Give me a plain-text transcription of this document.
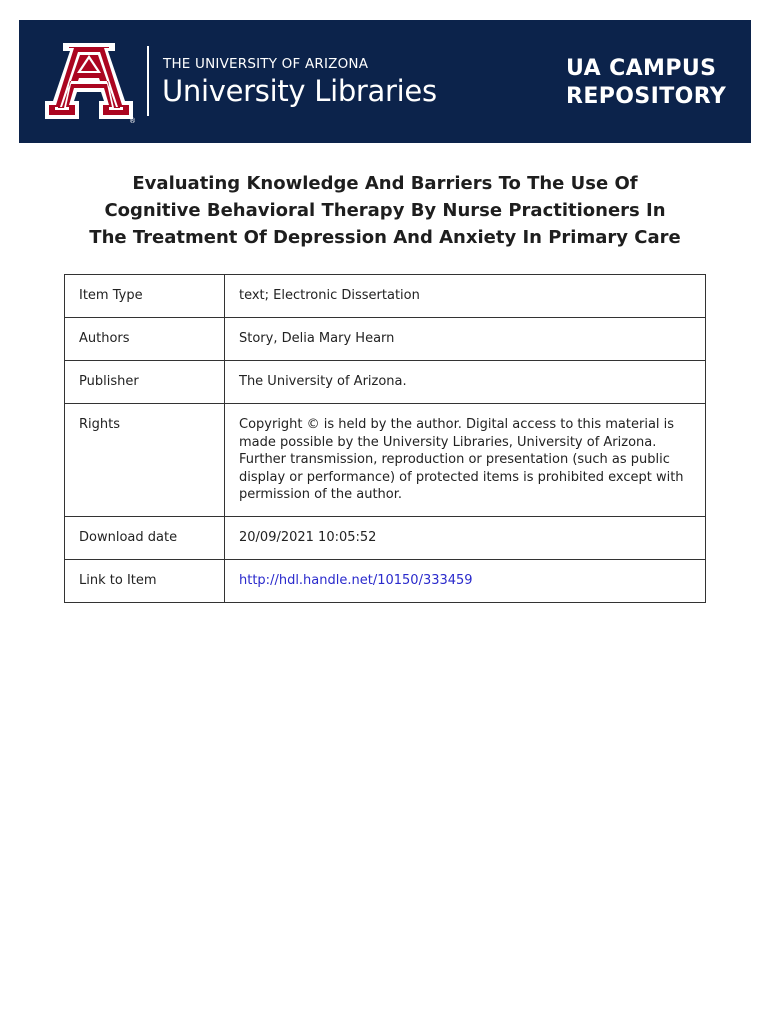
®
THE UNIVERSITY OF ARIZONA
University Libraries
UA CAMPUS
REPOSITORY
Evaluating Knowledge And Barriers To The Use Of
Cognitive Behavioral Therapy By Nurse Practitioners In
The Treatment Of Depression And Anxiety In Primary Care
Item Type	text; Electronic Dissertation
Authors	Story, Delia Mary Hearn
Publisher	The University of Arizona.
Rights	Copyright © is held by the author. Digital access to this material is made possible by the University Libraries, University of Arizona. Further transmission, reproduction or presentation (such as public display or performance) of protected items is prohibited except with permission of the author.
Download date	20/09/2021 10:05:52
Link to Item	http://hdl.handle.net/10150/333459
